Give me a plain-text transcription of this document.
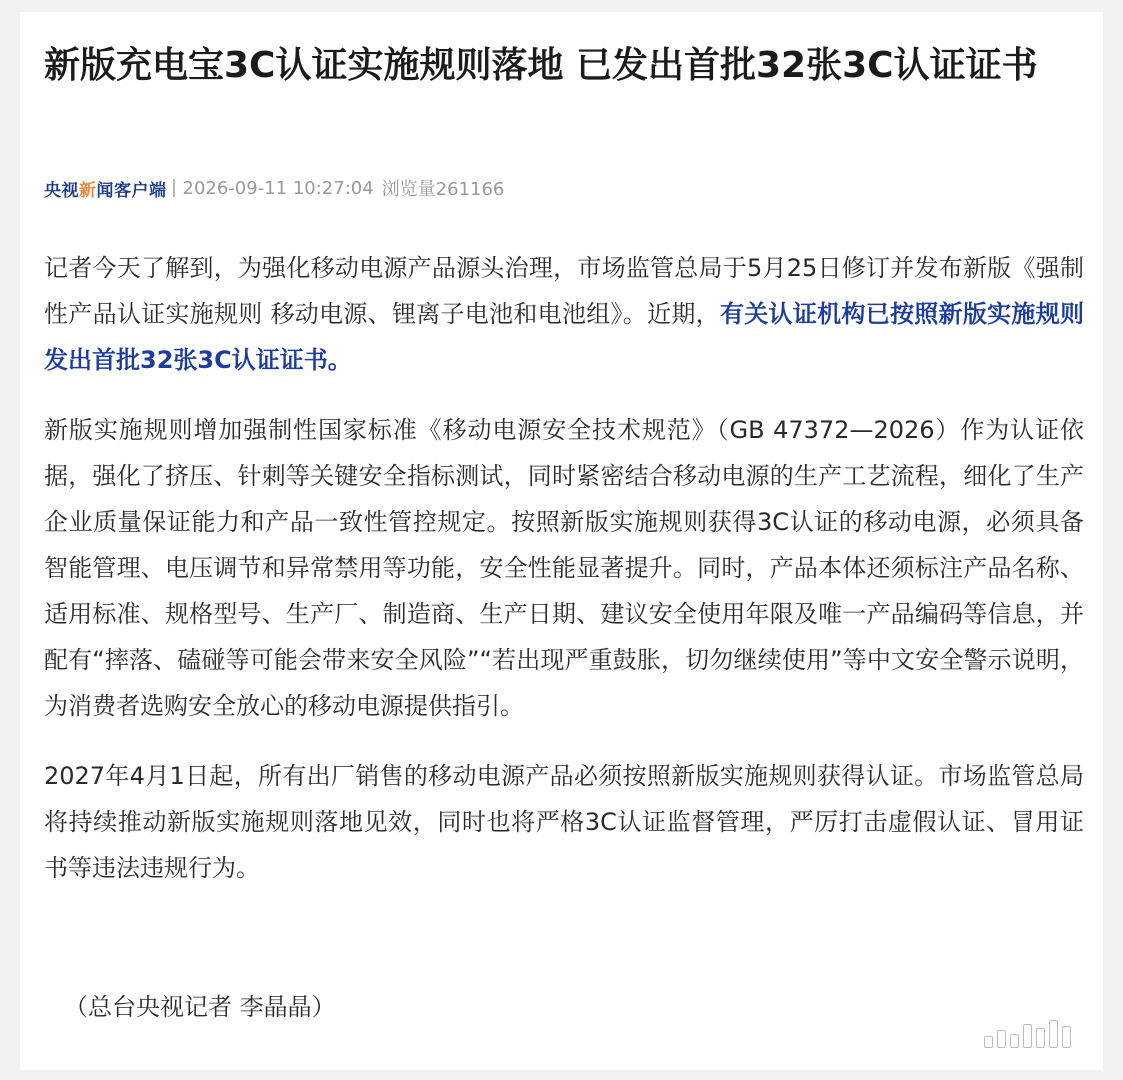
新版充电宝3C认证实施规则落地 已发出首批32张3C认证证书
央视新闻客户端 2026-09-11 10:27:04 浏览量261166

记者今天了解到，为强化移动电源产品源头治理，市场监管总局于5月25日修订并发布新版《强制性产品认证实施规则 移动电源、锂离子电池和电池组》。近期，有关认证机构已按照新版实施规则发出首批32张3C认证证书。

新版实施规则增加强制性国家标准《移动电源安全技术规范》（GB 47372—2026）作为认证依据，强化了挤压、针刺等关键安全指标测试，同时紧密结合移动电源的生产工艺流程，细化了生产企业质量保证能力和产品一致性管控规定。按照新版实施规则获得3C认证的移动电源，必须具备智能管理、电压调节和异常禁用等功能，安全性能显著提升。同时，产品本体还须标注产品名称、适用标准、规格型号、生产厂、制造商、生产日期、建议安全使用年限及唯一产品编码等信息，并配有“摔落、磕碰等可能会带来安全风险”“若出现严重鼓胀，切勿继续使用”等中文安全警示说明，为消费者选购安全放心的移动电源提供指引。

2027年4月1日起，所有出厂销售的移动电源产品必须按照新版实施规则获得认证。市场监管总局将持续推动新版实施规则落地见效，同时也将严格3C认证监督管理，严厉打击虚假认证、冒用证书等违法违规行为。

（总台央视记者 李晶晶）
